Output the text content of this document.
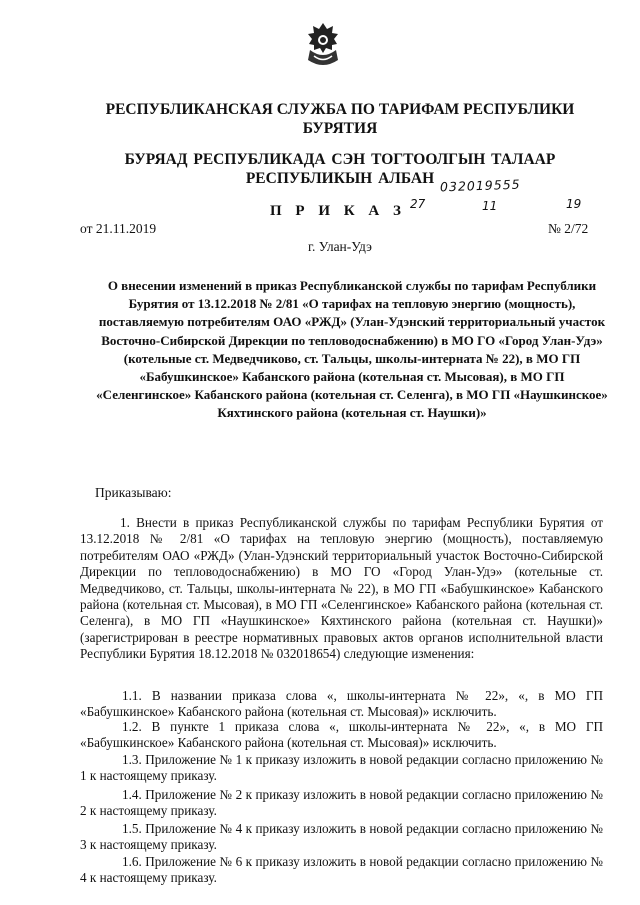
РЕСПУБЛИКАНСКАЯ СЛУЖБА ПО ТАРИФАМ РЕСПУБЛИКИ БУРЯТИЯ
БУРЯАД РЕСПУБЛИКАДА СЭН ТОГТООЛГЫН ТАЛААР РЕСПУБЛИКЫН АЛБАН 032019555
П Р И К А З 27	11	19
от 21.11.2019	№ 2/72
г. Улан-Удэ
О внесении изменений в приказ Республиканской службы по тарифам Республики Бурятия от 13.12.2018 № 2/81 «О тарифах на тепловую энергию (мощность), поставляемую потребителям ОАО «РЖД» (Улан-Удэнский территориальный участок Восточно-Сибирской Дирекции по тепловодоснабжению) в МО ГО «Город Улан-Удэ» (котельные ст. Медведчиково, ст. Тальцы, школы-интерната № 22), в МО ГП «Бабушкинское» Кабанского района (котельная ст. Мысовая), в МО ГП «Селенгинское» Кабанского района (котельная ст. Селенга), в МО ГП «Наушкинское» Кяхтинского района (котельная ст. Наушки)»
Приказываю:
1. Внести в приказ Республиканской службы по тарифам Республики Бурятия от 13.12.2018 № 2/81 «О тарифах на тепловую энергию (мощность), поставляемую потребителям ОАО «РЖД» (Улан-Удэнский территориальный участок Восточно-Сибирской Дирекции по тепловодоснабжению) в МО ГО «Город Улан-Удэ» (котельные ст. Медведчиково, ст. Тальцы, школы-интерната № 22), в МО ГП «Бабушкинское» Кабанского района (котельная ст. Мысовая), в МО ГП «Селенгинское» Кабанского района (котельная ст. Селенга), в МО ГП «Наушкинское» Кяхтинского района (котельная ст. Наушки)» (зарегистрирован в реестре нормативных правовых актов органов исполнительной власти Республики Бурятия 18.12.2018 № 032018654) следующие изменения:
1.1. В названии приказа слова «, школы-интерната № 22», «, в МО ГП «Бабушкинское» Кабанского района (котельная ст. Мысовая)» исключить.
1.2. В пункте 1 приказа слова «, школы-интерната № 22», «, в МО ГП «Бабушкинское» Кабанского района (котельная ст. Мысовая)» исключить.
1.3. Приложение № 1 к приказу изложить в новой редакции согласно приложению № 1 к настоящему приказу.
1.4. Приложение № 2 к приказу изложить в новой редакции согласно приложению № 2 к настоящему приказу.
1.5. Приложение № 4 к приказу изложить в новой редакции согласно приложению № 3 к настоящему приказу.
1.6. Приложение № 6 к приказу изложить в новой редакции согласно приложению № 4 к настоящему приказу.
